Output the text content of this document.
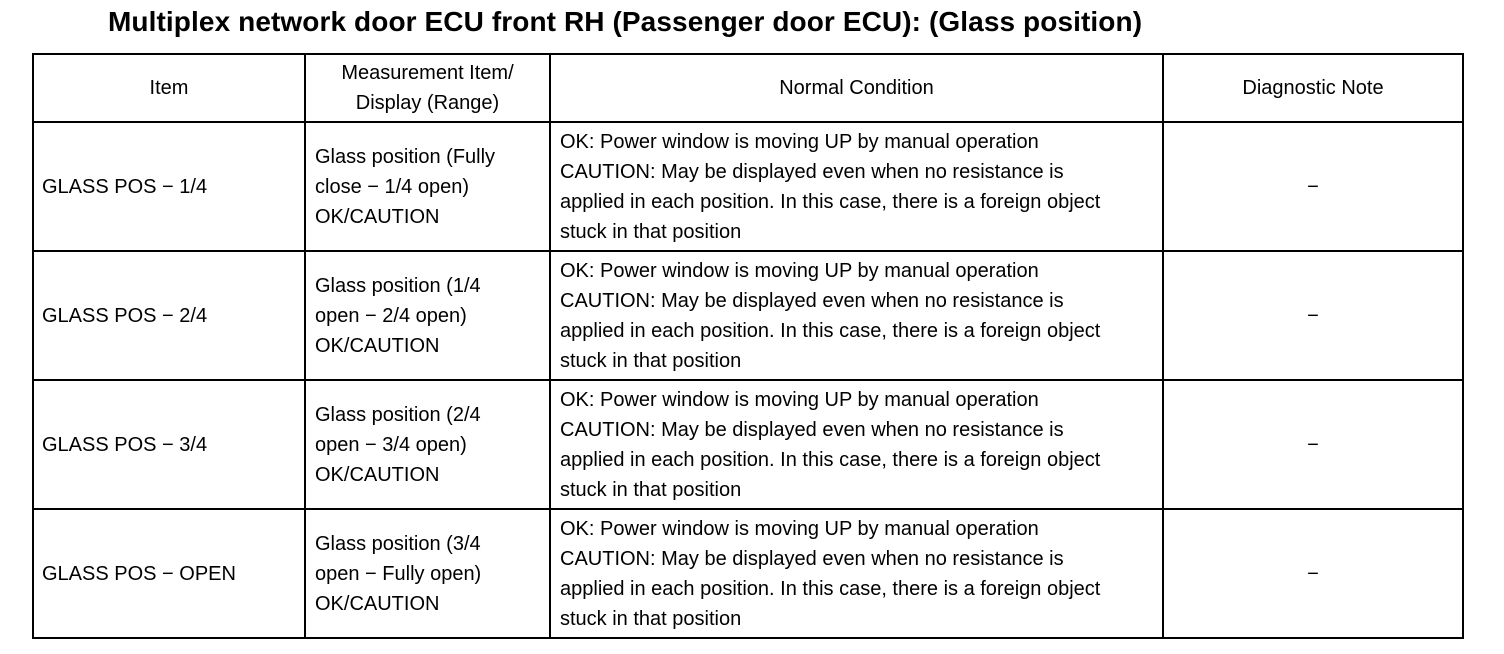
Multiplex network door ECU front RH (Passenger door ECU): (Glass position)
Item	Measurement Item/
Display (Range)	Normal Condition	Diagnostic Note
GLASS POS − 1/4	Glass position (Fully
close − 1/4 open)
OK/CAUTION	OK: Power window is moving UP by manual operation
CAUTION: May be displayed even when no resistance is
applied in each position. In this case, there is a foreign object
stuck in that position	−
GLASS POS − 2/4	Glass position (1/4
open − 2/4 open)
OK/CAUTION	OK: Power window is moving UP by manual operation
CAUTION: May be displayed even when no resistance is
applied in each position. In this case, there is a foreign object
stuck in that position	−
GLASS POS − 3/4	Glass position (2/4
open − 3/4 open)
OK/CAUTION	OK: Power window is moving UP by manual operation
CAUTION: May be displayed even when no resistance is
applied in each position. In this case, there is a foreign object
stuck in that position	−
GLASS POS − OPEN	Glass position (3/4
open − Fully open)
OK/CAUTION	OK: Power window is moving UP by manual operation
CAUTION: May be displayed even when no resistance is
applied in each position. In this case, there is a foreign object
stuck in that position	−
